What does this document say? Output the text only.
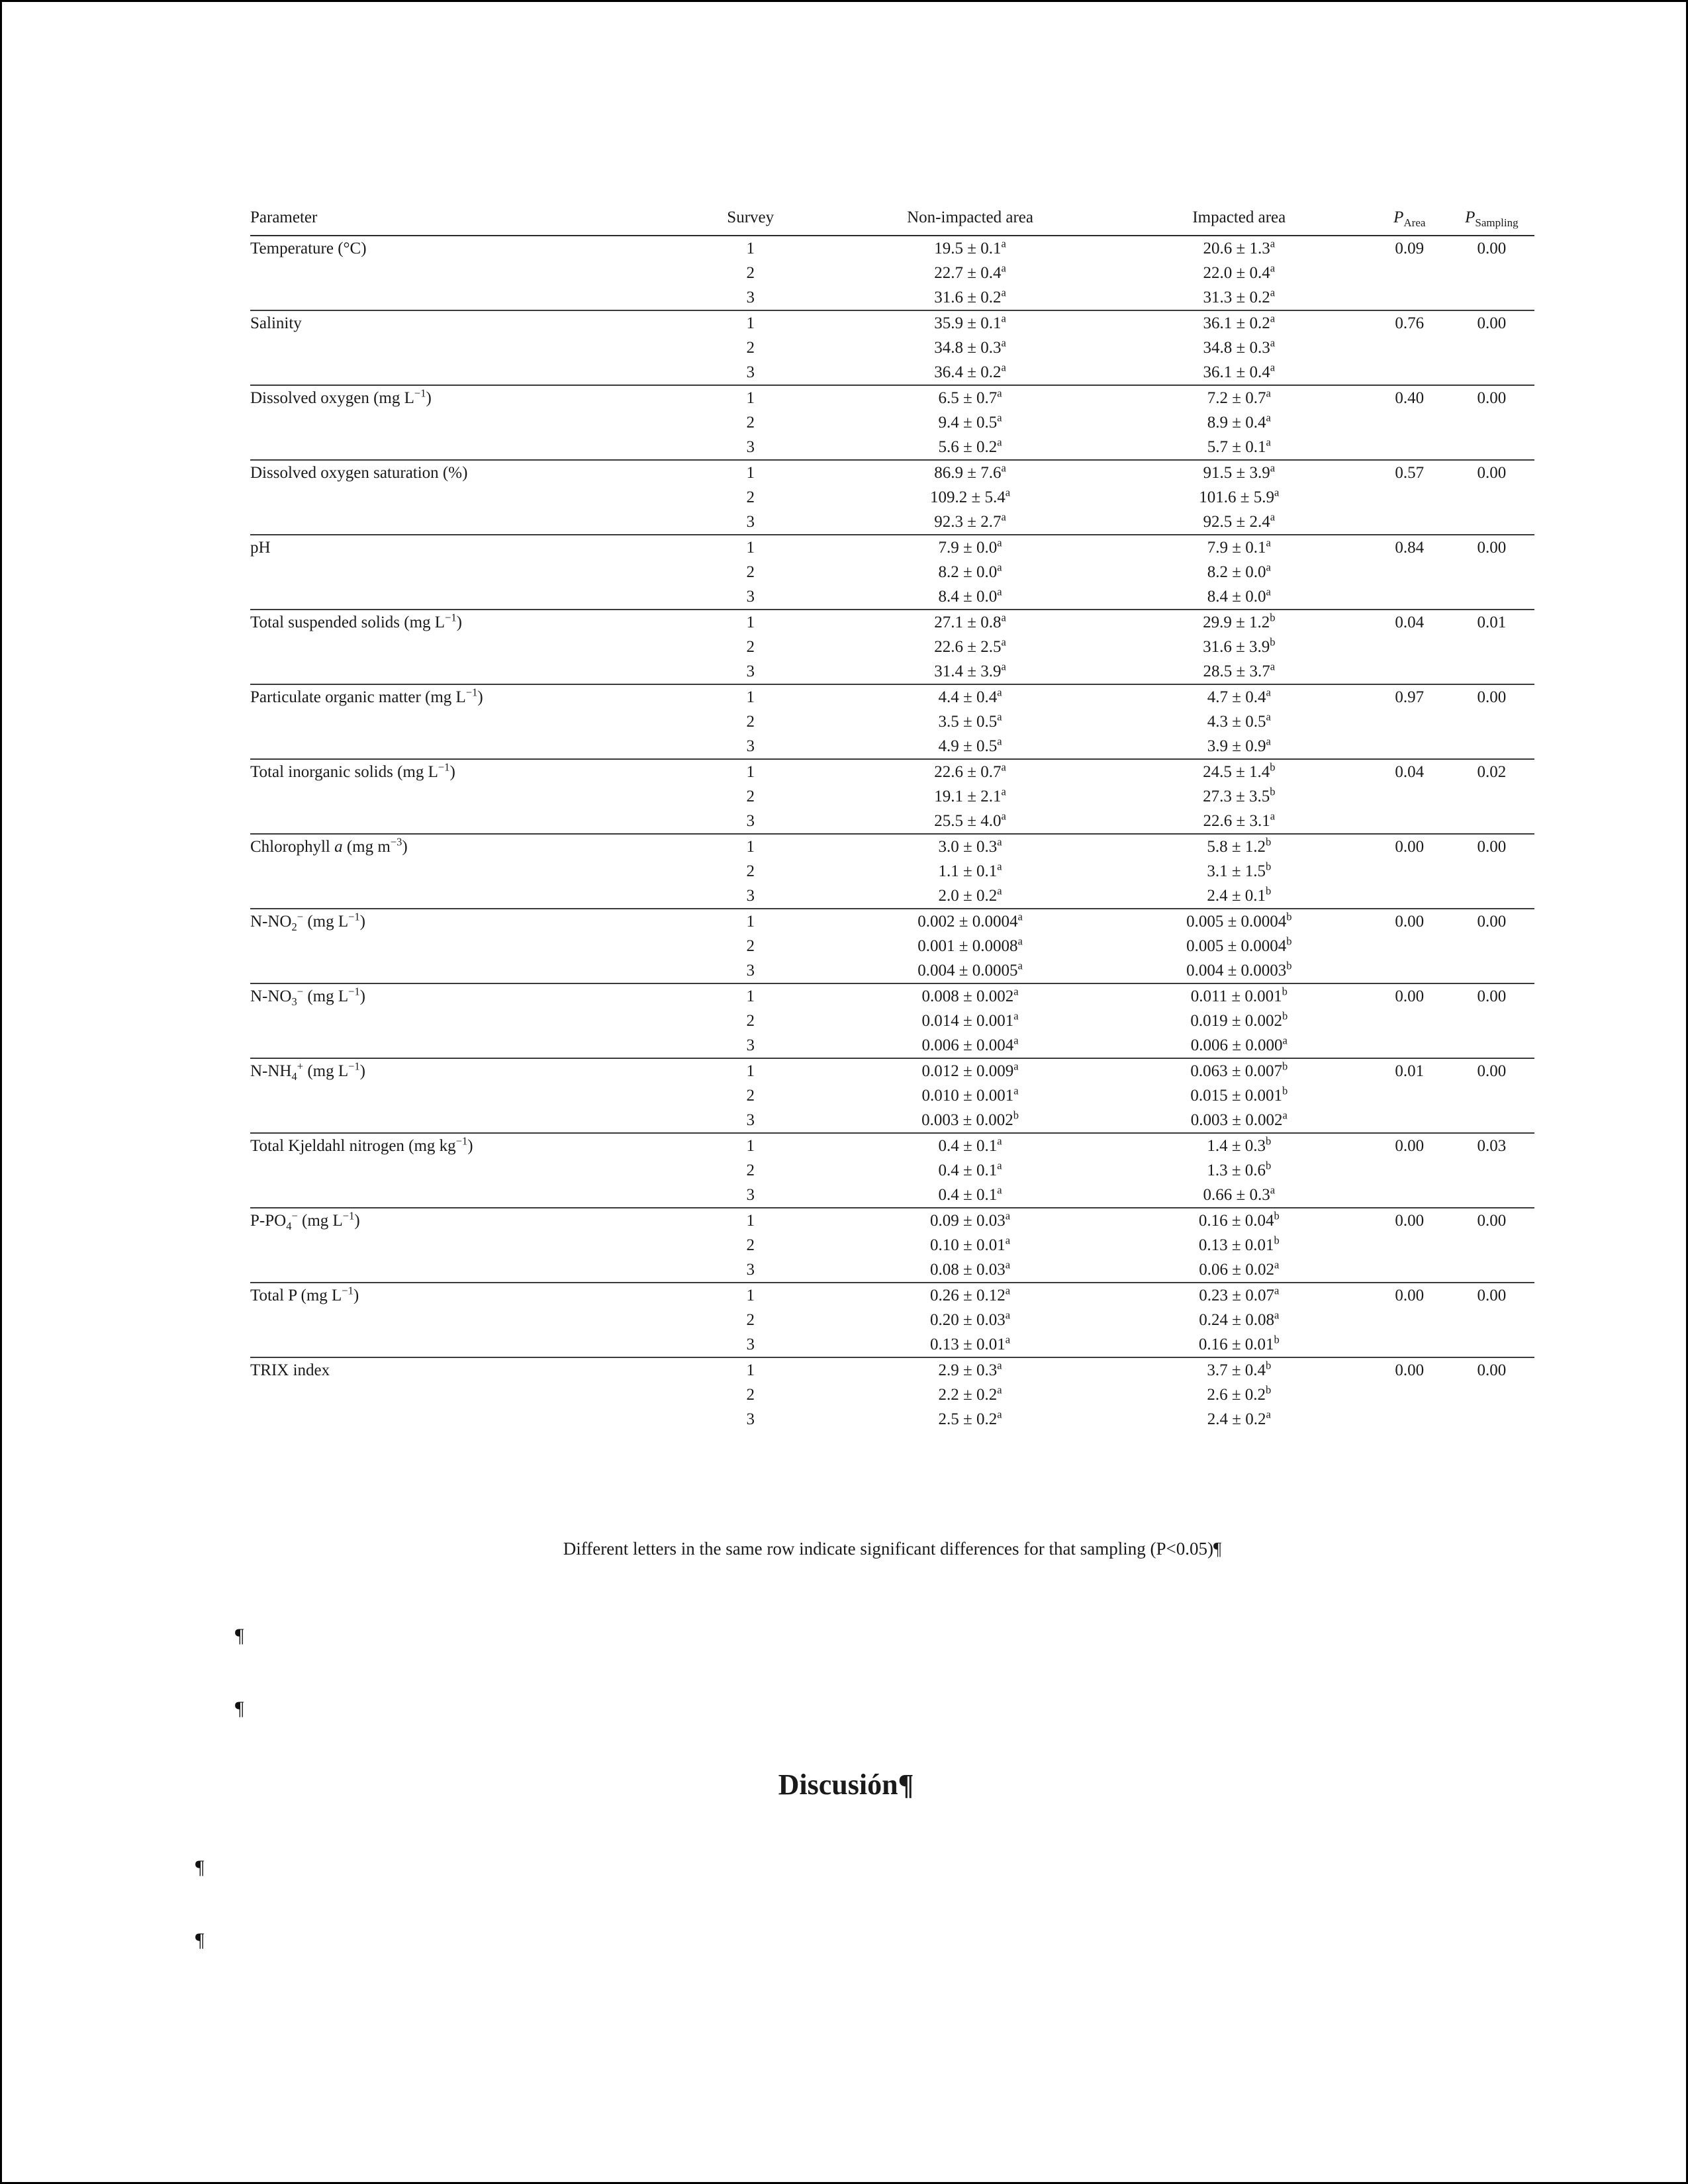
Parameter	Survey	Non-impacted area	Impacted area	$P_{Area}$	$P_{Sampling}$

Temperature (°C)	1	19.5 ± 0.1$^a$	20.6 ± 1.3$^a$	0.09	0.00
	2	22.7 ± 0.4$^a$	22.0 ± 0.4$^a$		
	3	31.6 ± 0.2$^a$	31.3 ± 0.2$^a$		

Salinity	1	35.9 ± 0.1$^a$	36.1 ± 0.2$^a$	0.76	0.00
	2	34.8 ± 0.3$^a$	34.8 ± 0.3$^a$		
	3	36.4 ± 0.2$^a$	36.1 ± 0.4$^a$		

Dissolved oxygen (mg $L^{-1}$)	1	6.5 ± 0.7$^a$	7.2 ± 0.7$^a$	0.40	0.00
	2	9.4 ± 0.5$^a$	8.9 ± 0.4$^a$		
	3	5.6 ± 0.2$^a$	5.7 ± 0.1$^a$		

Dissolved oxygen saturation (%)	1	86.9 ± 7.6$^a$	91.5 ± 3.9$^a$	0.57	0.00
	2	109.2 ± 5.4$^a$	101.6 ± 5.9$^a$		
	3	92.3 ± 2.7$^a$	92.5 ± 2.4$^a$		

pH	1	7.9 ± 0.0$^a$	7.9 ± 0.1$^a$	0.84	0.00
	2	8.2 ± 0.0$^a$	8.2 ± 0.0$^a$		
	3	8.4 ± 0.0$^a$	8.4 ± 0.0$^a$		

Total suspended solids (mg $L^{-1}$)	1	27.1 ± 0.8$^a$	29.9 ± 1.2$^b$	0.04	0.01
	2	22.6 ± 2.5$^a$	31.6 ± 3.9$^b$		
	3	31.4 ± 3.9$^a$	28.5 ± 3.7$^a$		

Particulate organic matter (mg $L^{-1}$)	1	4.4 ± 0.4$^a$	4.7 ± 0.4$^a$	0.97	0.00
	2	3.5 ± 0.5$^a$	4.3 ± 0.5$^a$		
	3	4.9 ± 0.5$^a$	3.9 ± 0.9$^a$		

Total inorganic solids (mg $L^{-1}$)	1	22.6 ± 0.7$^a$	24.5 ± 1.4$^b$	0.04	0.02
	2	19.1 ± 2.1$^a$	27.3 ± 3.5$^b$		
	3	25.5 ± 4.0$^a$	22.6 ± 3.1$^a$		

Chlorophyll a (mg $m^{-3}$)	1	3.0 ± 0.3$^a$	5.8 ± 1.2$^b$	0.00	0.00
	2	1.1 ± 0.1$^a$	3.1 ± 1.5$^b$		
	3	2.0 ± 0.2$^a$	2.4 ± 0.1$^b$		

$N-NO_2^-$ (mg $L^{-1}$)	1	0.002 ± 0.0004$^a$	0.005 ± 0.0004$^b$	0.00	0.00
	2	0.001 ± 0.0008$^a$	0.005 ± 0.0004$^b$		
	3	0.004 ± 0.0005$^a$	0.004 ± 0.0003$^b$		

$N-NO_3^-$ (mg $L^{-1}$)	1	0.008 ± 0.002$^a$	0.011 ± 0.001$^b$	0.00	0.00
	2	0.014 ± 0.001$^a$	0.019 ± 0.002$^b$		
	3	0.006 ± 0.004$^a$	0.006 ± 0.000$^a$		

$N-NH_4^+$ (mg $L^{-1}$)	1	0.012 ± 0.009$^a$	0.063 ± 0.007$^b$	0.01	0.00
	2	0.010 ± 0.001$^a$	0.015 ± 0.001$^b$		
	3	0.003 ± 0.002$^b$	0.003 ± 0.002$^a$		

Total Kjeldahl nitrogen (mg $kg^{-1}$)	1	0.4 ± 0.1$^a$	1.4 ± 0.3$^b$	0.00	0.03
	2	0.4 ± 0.1$^a$	1.3 ± 0.6$^b$		
	3	0.4 ± 0.1$^a$	0.66 ± 0.3$^a$		

$P-PO_4^-$ (mg $L^{-1}$)	1	0.09 ± 0.03$^a$	0.16 ± 0.04$^b$	0.00	0.00
	2	0.10 ± 0.01$^a$	0.13 ± 0.01$^b$		
	3	0.08 ± 0.03$^a$	0.06 ± 0.02$^a$		

Total P (mg $L^{-1}$)	1	0.26 ± 0.12$^a$	0.23 ± 0.07$^a$	0.00	0.00
	2	0.20 ± 0.03$^a$	0.24 ± 0.08$^a$		
	3	0.13 ± 0.01$^a$	0.16 ± 0.01$^b$		

TRIX index	1	2.9 ± 0.3$^a$	3.7 ± 0.4$^b$	0.00	0.00
	2	2.2 ± 0.2$^a$	2.6 ± 0.2$^b$		
	3	2.5 ± 0.2$^a$	2.4 ± 0.2$^a$		

Different letters in the same row indicate significant differences for that sampling (P<0.05)¶
¶
¶
¶
¶
Discusión¶
